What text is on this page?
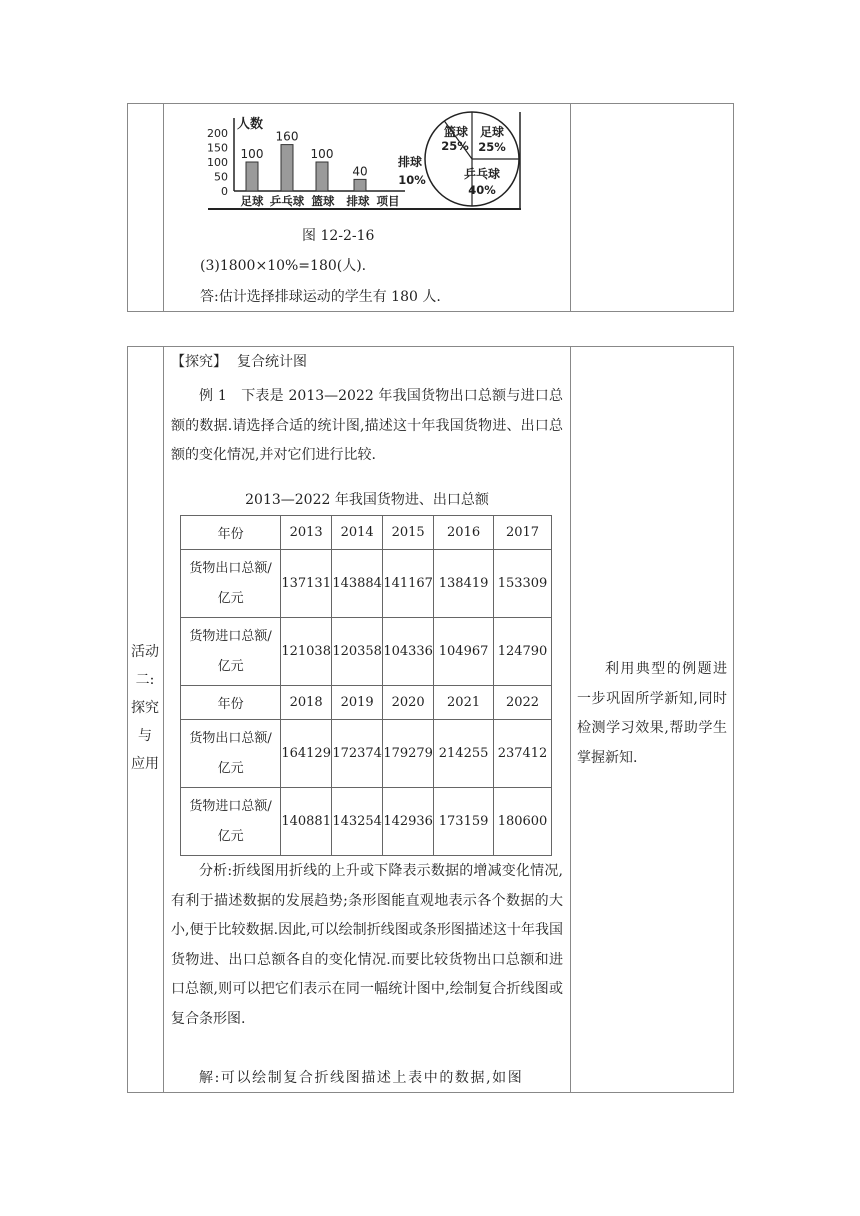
人数
200
150
100
50
0
100
160
100
40
足球 乒乓球 篮球 排球 项目
篮球
25%
足球
25%
乒乓球
40%
排球
10%
图 12-2-16
(3)1800×10%=180(人).
答:估计选择排球运动的学生有 180 人.
活动
二:
探究
与
应用
【探究】 复合统计图

例 1　下表是 2013—2022 年我国货物出口总额与进口总额的数据.请选择合适的统计图,描述这十年我国货物进、出口总额的变化情况,并对它们进行比较.

2013—2022 年我国货物进、出口总额
年份	2013	2014	2015	2016	2017

货物出口总额/
亿元	137131	143884	141167	138419	153309

货物进口总额/
亿元	121038	120358	104336	104967	124790
年份	2018	2019	2020	2021	2022

货物出口总额/
亿元	164129	172374	179279	214255	237412

货物进口总额/
亿元	140881	143254	142936	173159	180600

分析:折线图用折线的上升或下降表示数据的增减变化情况,有利于描述数据的发展趋势;条形图能直观地表示各个数据的大小,便于比较数据.因此,可以绘制折线图或条形图描述这十年我国货物进、出口总额各自的变化情况.而要比较货物出口总额和进口总额,则可以把它们表示在同一幅统计图中,绘制复合折线图或复合条形图.

解:可以绘制复合折线图描述上表中的数据,如图

利用典型的例题进一步巩固所学新知,同时检测学习效果,帮助学生掌握新知.
